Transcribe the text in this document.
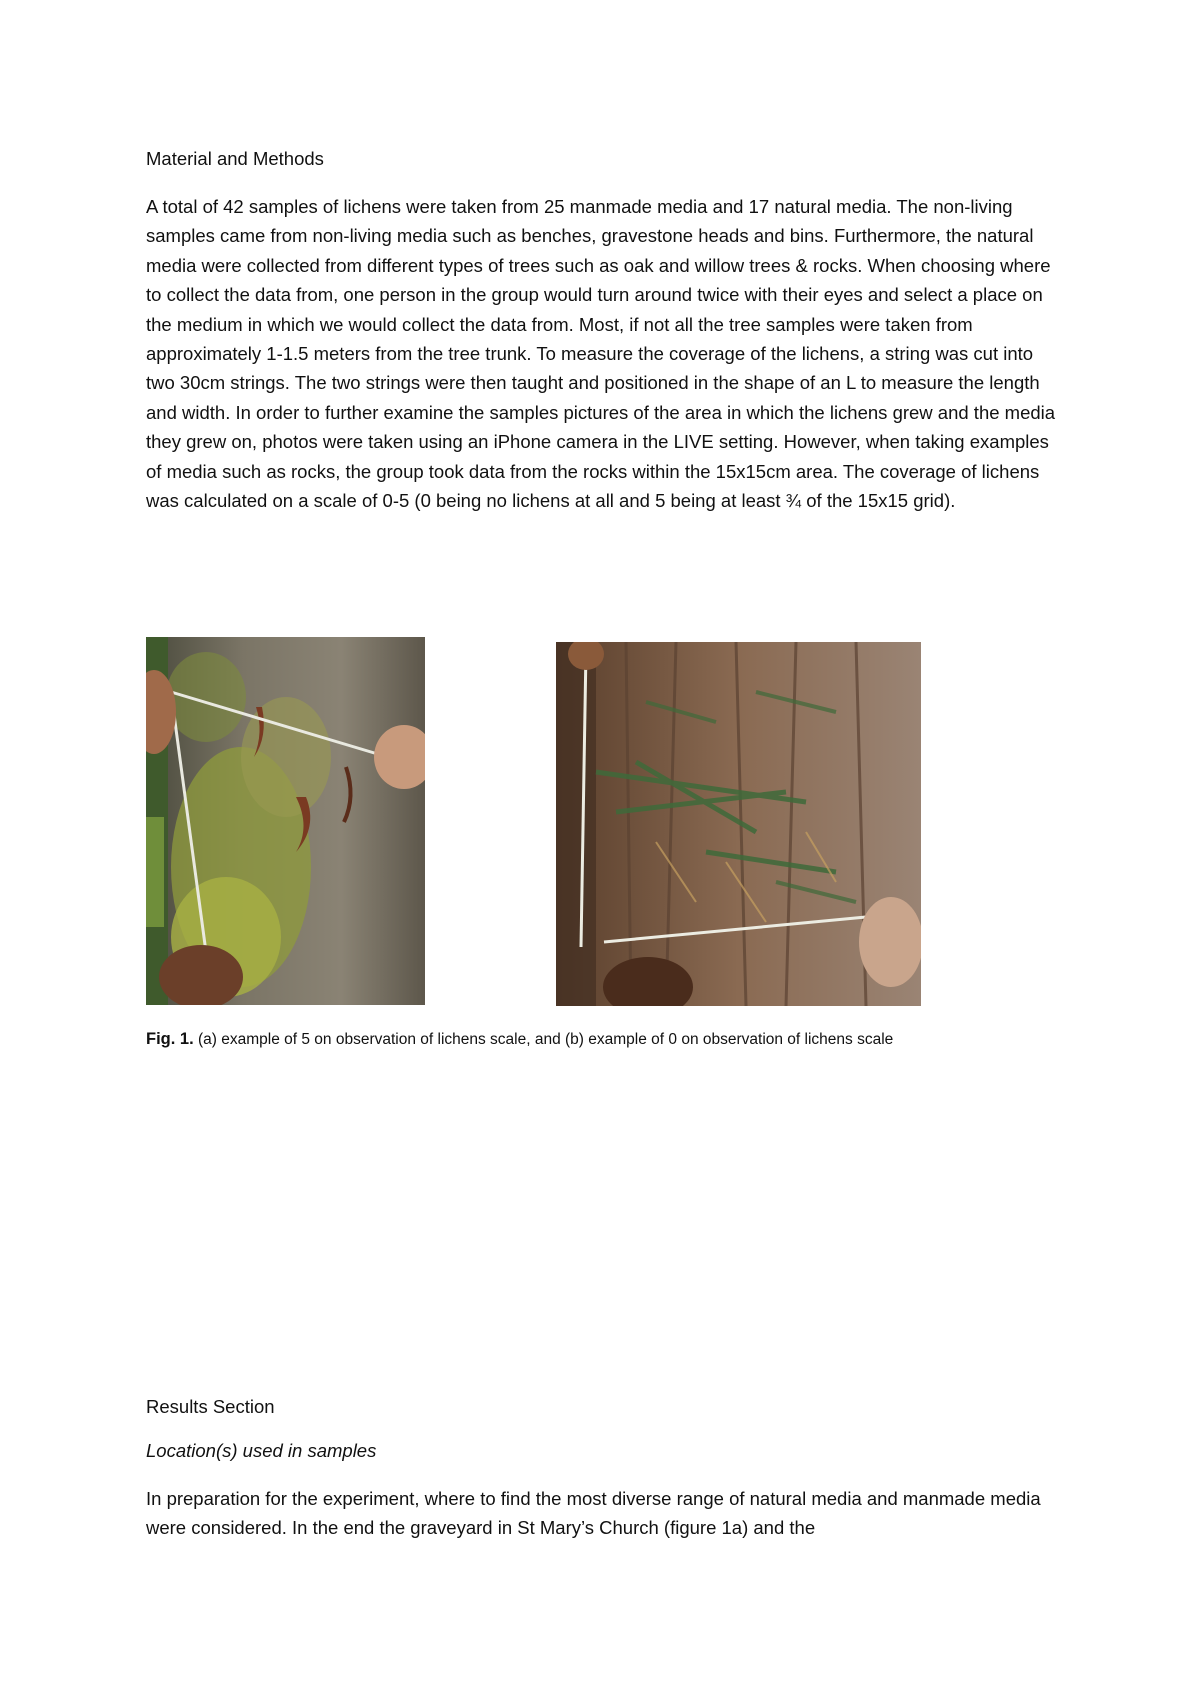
Material and Methods

A total of 42 samples of lichens were taken from 25 manmade media and 17 natural media. The non-living samples came from non-living media such as benches, gravestone heads and bins. Furthermore, the natural media were collected from different types of trees such as oak and willow trees & rocks. When choosing where to collect the data from, one person in the group would turn around twice with their eyes and select a place on the medium in which we would collect the data from. Most, if not all the tree samples were taken from approximately 1-1.5 meters from the tree trunk. To measure the coverage of the lichens, a string was cut into two 30cm strings. The two strings were then taught and positioned in the shape of an L to measure the length and width. In order to further examine the samples pictures of the area in which the lichens grew and the media they grew on, photos were taken using an iPhone camera in the LIVE setting. However, when taking examples of media such as rocks, the group took data from the rocks within the 15x15cm area. The coverage of lichens was calculated on a scale of 0-5 (0 being no lichens at all and 5 being at least ¾ of the 15x15 grid).

Fig. 1. (a) example of 5 on observation of lichens scale, and (b) example of 0 on observation of lichens scale

Results Section

Location(s) used in samples

In preparation for the experiment, where to find the most diverse range of natural media and manmade media were considered. In the end the graveyard in St Mary’s Church (figure 1a) and the
